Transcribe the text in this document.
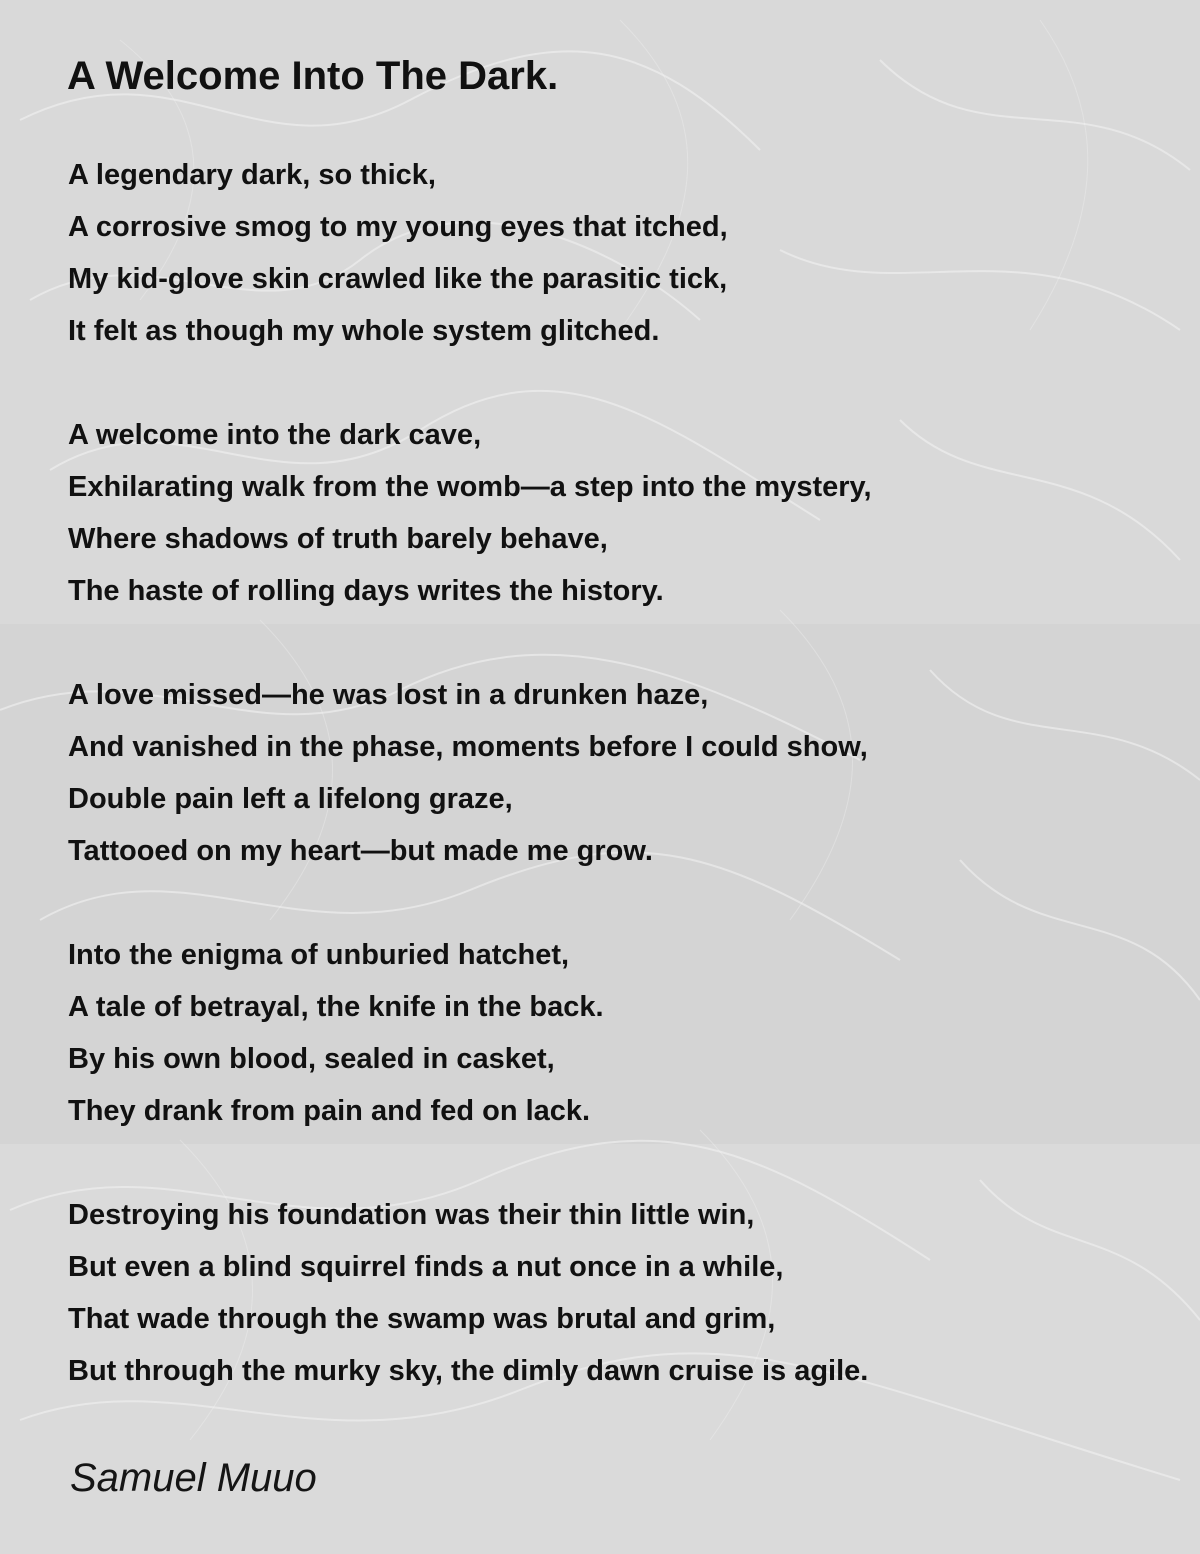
A Welcome Into The Dark.
A legendary dark, so thick,
A corrosive smog to my young eyes that itched,
My kid-glove skin crawled like the parasitic tick,
It felt as though my whole system glitched.
A welcome into the dark cave,
Exhilarating walk from the womb—a step into the mystery,
Where shadows of truth barely behave,
The haste of rolling days writes the history.
A love missed—he was lost in a drunken haze,
And vanished in the phase, moments before I could show,
Double pain left a lifelong graze,
Tattooed on my heart—but made me grow.
Into the enigma of unburied hatchet,
A tale of betrayal, the knife in the back.
By his own blood, sealed in casket,
They drank from pain and fed on lack.
Destroying his foundation was their thin little win,
But even a blind squirrel finds a nut once in a while,
That wade through the swamp was brutal and grim,
But through the murky sky, the dimly dawn cruise is agile.

Samuel Muuo
